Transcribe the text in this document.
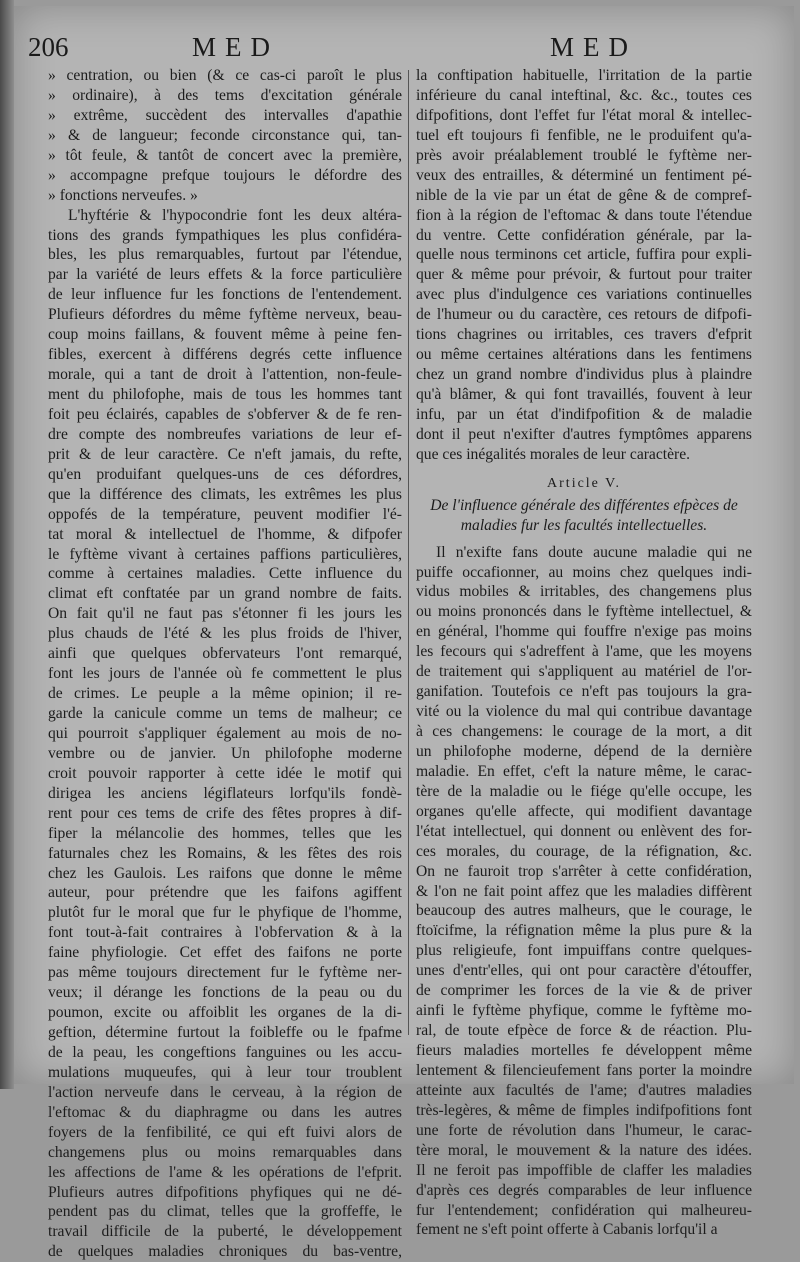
206	MED	MED
» centration, ou bien (& ce cas-ci paroît le plus
» ordinaire), à des tems d'excitation générale
» extrême, succèdent des intervalles d'apathie
» & de langueur; feconde circonstance qui, tan-
» tôt feule, & tantôt de concert avec la première,
» accompagne prefque toujours le défordre des
» fonctions nerveufes. »
L'hyftérie & l'hypocondrie font les deux altéra-
tions des grands fympathiques les plus confidéra-
bles, les plus remarquables, furtout par l'étendue,
par la variété de leurs effets & la force particulière
de leur influence fur les fonctions de l'entendement.
Plufieurs défordres du même fyftème nerveux, beau-
coup moins faillans, & fouvent même à peine fen-
fibles, exercent à différens degrés cette influence
morale, qui a tant de droit à l'attention, non-feule-
ment du philofophe, mais de tous les hommes tant
foit peu éclairés, capables de s'obferver & de fe ren-
dre compte des nombreufes variations de leur ef-
prit & de leur caractère. Ce n'eft jamais, du refte,
qu'en produifant quelques-uns de ces défordres,
que la différence des climats, les extrêmes les plus
oppofés de la température, peuvent modifier l'é-
tat moral & intellectuel de l'homme, & difpofer
le fyftème vivant à certaines paffions particulières,
comme à certaines maladies. Cette influence du
climat eft conftatée par un grand nombre de faits.
On fait qu'il ne faut pas s'étonner fi les jours les
plus chauds de l'été & les plus froids de l'hiver,
ainfi que quelques obfervateurs l'ont remarqué,
font les jours de l'année où fe commettent le plus
de crimes. Le peuple a la même opinion; il re-
garde la canicule comme un tems de malheur; ce
qui pourroit s'appliquer également au mois de no-
vembre ou de janvier. Un philofophe moderne
croit pouvoir rapporter à cette idée le motif qui
dirigea les anciens légiflateurs lorfqu'ils fondè-
rent pour ces tems de crife des fêtes propres à dif-
fiper la mélancolie des hommes, telles que les
faturnales chez les Romains, & les fêtes des rois
chez les Gaulois. Les raifons que donne le même
auteur, pour prétendre que les faifons agiffent
plutôt fur le moral que fur le phyfique de l'homme,
font tout-à-fait contraires à l'obfervation & à la
faine phyfiologie. Cet effet des faifons ne porte
pas même toujours directement fur le fyftème ner-
veux; il dérange les fonctions de la peau ou du
poumon, excite ou affoiblit les organes de la di-
geftion, détermine furtout la foibleffe ou le fpafme
de la peau, les congeftions fanguines ou les accu-
mulations muqueufes, qui à leur tour troublent
l'action nerveufe dans le cerveau, à la région de
l'eftomac & du diaphragme ou dans les autres
foyers de la fenfibilité, ce qui eft fuivi alors de
changemens plus ou moins remarquables dans
les affections de l'ame & les opérations de l'efprit.
Plufieurs autres difpofitions phyfiques qui ne dé-
pendent pas du climat, telles que la groffeffe, le
travail difficile de la puberté, le développement
de quelques maladies chroniques du bas-ventre,
la conftipation habituelle, l'irritation de la partie
inférieure du canal inteftinal, &c. &c., toutes ces
difpofitions, dont l'effet fur l'état moral & intellec-
tuel eft toujours fi fenfible, ne le produifent qu'a-
près avoir préalablement troublé le fyftème ner-
veux des entrailles, & déterminé un fentiment pé-
nible de la vie par un état de gêne & de compref-
fion à la région de l'eftomac & dans toute l'étendue
du ventre. Cette confidération générale, par la-
quelle nous terminons cet article, fuffira pour expli-
quer & même pour prévoir, & furtout pour traiter
avec plus d'indulgence ces variations continuelles
de l'humeur ou du caractère, ces retours de difpofi-
tions chagrines ou irritables, ces travers d'efprit
ou même certaines altérations dans les fentimens
chez un grand nombre d'individus plus à plaindre
qu'à blâmer, & qui font travaillés, fouvent à leur
infu, par un état d'indifpofition & de maladie
dont il peut n'exifter d'autres fymptômes apparens
que ces inégalités morales de leur caractère.
Article V.
De l'influence générale des différentes efpèces de
maladies fur les facultés intellectuelles.
Il n'exifte fans doute aucune maladie qui ne
puiffe occafionner, au moins chez quelques indi-
vidus mobiles & irritables, des changemens plus
ou moins prononcés dans le fyftème intellectuel, &
en général, l'homme qui fouffre n'exige pas moins
les fecours qui s'adreffent à l'ame, que les moyens
de traitement qui s'appliquent au matériel de l'or-
ganifation. Toutefois ce n'eft pas toujours la gra-
vité ou la violence du mal qui contribue davantage
à ces changemens: le courage de la mort, a dit
un philofophe moderne, dépend de la dernière
maladie. En effet, c'eft la nature même, le carac-
tère de la maladie ou le fiége qu'elle occupe, les
organes qu'elle affecte, qui modifient davantage
l'état intellectuel, qui donnent ou enlèvent des for-
ces morales, du courage, de la réfignation, &c.
On ne fauroit trop s'arrêter à cette confidération,
& l'on ne fait point affez que les maladies diffèrent
beaucoup des autres malheurs, que le courage, le
ftoïcifme, la réfignation même la plus pure & la
plus religieufe, font impuiffans contre quelques-
unes d'entr'elles, qui ont pour caractère d'étouffer,
de comprimer les forces de la vie & de priver
ainfi le fyftème phyfique, comme le fyftème mo-
ral, de toute efpèce de force & de réaction. Plu-
fieurs maladies mortelles fe développent même
lentement & filencieufement fans porter la moindre
atteinte aux facultés de l'ame; d'autres maladies
très-legères, & même de fimples indifpofitions font
une forte de révolution dans l'humeur, le carac-
tère moral, le mouvement & la nature des idées.
Il ne feroit pas impoffible de claffer les maladies
d'après ces degrés comparables de leur influence
fur l'entendement; confidération qui malheureu-
fement ne s'eft point offerte à Cabanis lorfqu'il a
